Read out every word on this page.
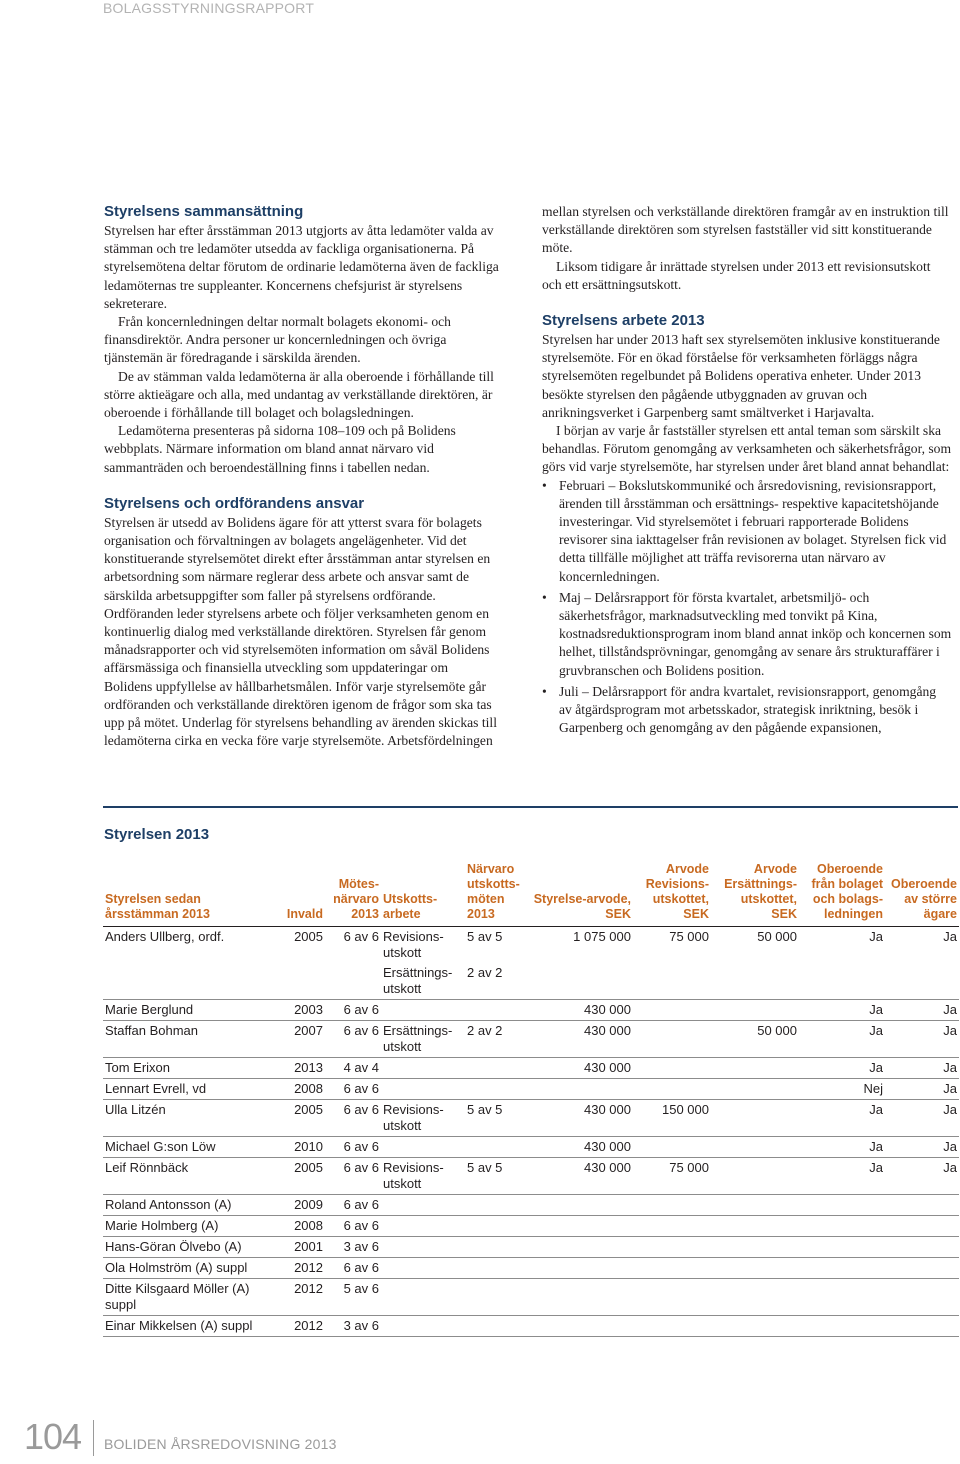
BOLAGSSTYRNINGSRAPPORT
Styrelsens sammansättning

Styrelsen har efter årsstämman 2013 utgjorts av åtta ledamöter valda av stämman och tre ledamöter utsedda av fackliga organisationerna. På styrelsemötena deltar förutom de ordinarie ledamöterna även de fackliga ledamöternas tre suppleanter. Koncernens chefsjurist är styrelsens sekreterare.

Från koncernledningen deltar normalt bolagets ekonomi- och finansdirektör. Andra personer ur koncernledningen och övriga tjänstemän är föredragande i särskilda ärenden.

De av stämman valda ledamöterna är alla oberoende i förhållande till större aktieägare och alla, med undantag av verkställande direktören, är oberoende i förhållande till bolaget och bolagsledningen.

Ledamöterna presenteras på sidorna 108–109 och på Bolidens webbplats. Närmare information om bland annat närvaro vid sammanträden och beroendeställning finns i tabellen nedan.

Styrelsens och ordförandens ansvar

Styrelsen är utsedd av Bolidens ägare för att ytterst svara för bolagets organisation och förvaltningen av bolagets angelägenheter. Vid det konstituerande styrelsemötet direkt efter årsstämman antar styrelsen en arbetsordning som närmare reglerar dess arbete och ansvar samt de särskilda arbetsuppgifter som faller på styrelsens ordförande. Ordföranden leder styrelsens arbete och följer verksamheten genom en kontinuerlig dialog med verkställande direktören. Styrelsen får genom månadsrapporter och vid styrelsemöten information om såväl Bolidens affärsmässiga och finansiella utveckling som uppdateringar om Bolidens uppfyllelse av hållbarhetsmålen. Inför varje styrelsemöte går ordföranden och verkställande direktören igenom de frågor som ska tas upp på mötet. Underlag för styrelsens behandling av ärenden skickas till ledamöterna cirka en vecka före varje styrelsemöte. Arbetsfördelningen

mellan styrelsen och verkställande direktören framgår av en instruktion till verkställande direktören som styrelsen fastställer vid sitt konstituerande möte.

Liksom tidigare år inrättade styrelsen under 2013 ett revisionsutskott och ett ersättningsutskott.

Styrelsens arbete 2013

Styrelsen har under 2013 haft sex styrelsemöten inklusive konstituerande styrelsemöte. För en ökad förståelse för verksamheten förläggs några styrelsemöten regelbundet på Bolidens operativa enheter. Under 2013 besökte styrelsen den pågående utbyggnaden av gruvan och anrikningsverket i Garpenberg samt smältverket i Harjavalta.

I början av varje år fastställer styrelsen ett antal teman som särskilt ska behandlas. Förutom genomgång av verksamheten och säkerhetsfrågor, som görs vid varje styrelsemöte, har styrelsen under året bland annat behandlat:

• Februari – Bokslutskommuniké och årsredovisning, revisionsrapport, ärenden till årsstämman och ersättnings- respektive kapacitetshöjande investeringar. Vid styrelsemötet i februari rapporterade Bolidens revisorer sina iakttagelser från revisionen av bolaget. Styrelsen fick vid detta tillfälle möjlighet att träffa revisorerna utan närvaro av koncernledningen.
• Maj – Delårsrapport för första kvartalet, arbetsmiljö- och säkerhetsfrågor, marknadsutveckling med tonvikt på Kina, kostnadsreduktionsprogram inom bland annat inköp och koncernen som helhet, tillståndsprövningar, genomgång av senare års strukturaffärer i gruvbranschen och Bolidens position.
• Juli – Delårsrapport för andra kvartalet, revisionsrapport, genomgång av åtgärdsprogram mot arbetsskador, strategisk inriktning, besök i Garpenberg och genomgång av den pågående expansionen,
Styrelsen 2013
Styrelsen sedan årsstämman 2013	Invald	Mötes-närvaro 2013	Utskotts-arbete	Närvaro utskotts-möten 2013	Styrelse-arvode, SEK	Arvode Revisions-utskottet, SEK	Arvode Ersättnings-utskottet, SEK	Oberoende från bolaget och bolags-ledningen	Oberoende av större ägare
Anders Ullberg, ordf.	2005	6 av 6	Revisions-utskott	5 av 5	1 075 000	75 000	50 000	Ja	Ja
			Ersättnings-utskott	2 av 2					
Marie Berglund	2003	6 av 6			430 000			Ja	Ja
Staffan Bohman	2007	6 av 6	Ersättnings-utskott	2 av 2	430 000		50 000	Ja	Ja
Tom Erixon	2013	4 av 4			430 000			Ja	Ja
Lennart Evrell, vd	2008	6 av 6						Nej	Ja
Ulla Litzén	2005	6 av 6	Revisions-utskott	5 av 5	430 000	150 000		Ja	Ja
Michael G:son Löw	2010	6 av 6			430 000			Ja	Ja
Leif Rönnbäck	2005	6 av 6	Revisions-utskott	5 av 5	430 000	75 000		Ja	Ja
Roland Antonsson (A)	2009	6 av 6							
Marie Holmberg (A)	2008	6 av 6							
Hans-Göran Ölvebo (A)	2001	3 av 6							
Ola Holmström (A) suppl	2012	6 av 6							
Ditte Kilsgaard Möller (A) suppl	2012	5 av 6							
Einar Mikkelsen (A) suppl	2012	3 av 6							
104 BOLIDEN ÅRSREDOVISNING 2013
